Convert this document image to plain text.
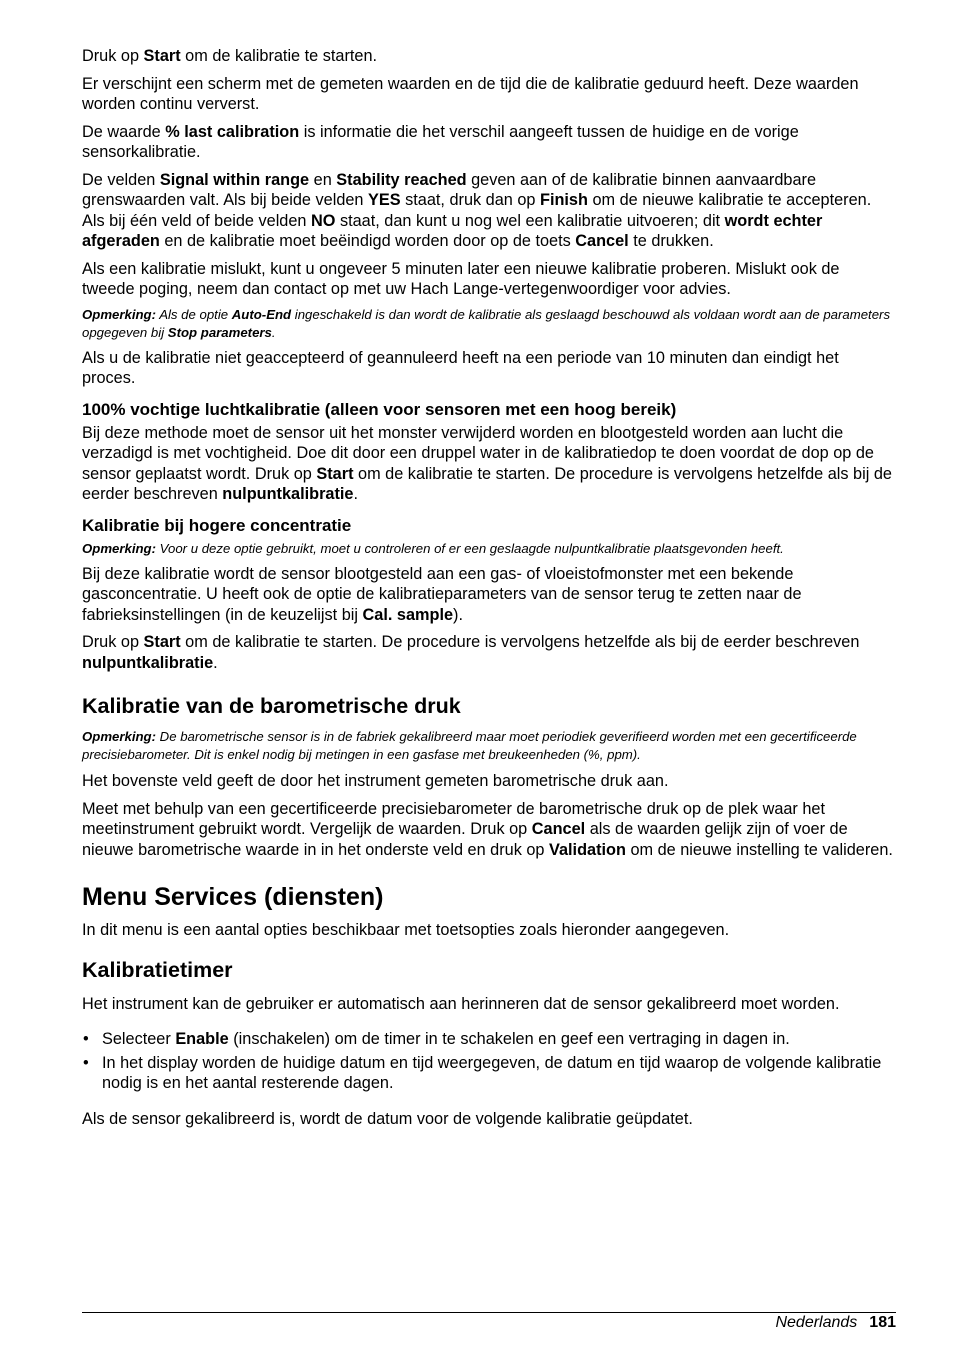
Druk op Start om de kalibratie te starten.

Er verschijnt een scherm met de gemeten waarden en de tijd die de kalibratie geduurd heeft. Deze waarden worden continu ververst.

De waarde % last calibration is informatie die het verschil aangeeft tussen de huidige en de vorige sensorkalibratie.

De velden Signal within range en Stability reached geven aan of de kalibratie binnen aanvaardbare grenswaarden valt. Als bij beide velden YES staat, druk dan op Finish om de nieuwe kalibratie te accepteren. Als bij één veld of beide velden NO staat, dan kunt u nog wel een kalibratie uitvoeren; dit wordt echter afgeraden en de kalibratie moet beëindigd worden door op de toets Cancel te drukken.

Als een kalibratie mislukt, kunt u ongeveer 5 minuten later een nieuwe kalibratie proberen. Mislukt ook de tweede poging, neem dan contact op met uw Hach Lange-vertegenwoordiger voor advies.

Opmerking: Als de optie Auto-End ingeschakeld is dan wordt de kalibratie als geslaagd beschouwd als voldaan wordt aan de parameters opgegeven bij Stop parameters.

Als u de kalibratie niet geaccepteerd of geannuleerd heeft na een periode van 10 minuten dan eindigt het proces.

100% vochtige luchtkalibratie (alleen voor sensoren met een hoog bereik)

Bij deze methode moet de sensor uit het monster verwijderd worden en blootgesteld worden aan lucht die verzadigd is met vochtigheid. Doe dit door een druppel water in de kalibratiedop te doen voordat de dop op de sensor geplaatst wordt. Druk op Start om de kalibratie te starten. De procedure is vervolgens hetzelfde als bij de eerder beschreven nulpuntkalibratie.

Kalibratie bij hogere concentratie

Opmerking: Voor u deze optie gebruikt, moet u controleren of er een geslaagde nulpuntkalibratie plaatsgevonden heeft.

Bij deze kalibratie wordt de sensor blootgesteld aan een gas- of vloeistofmonster met een bekende gasconcentratie. U heeft ook de optie de kalibratieparameters van de sensor terug te zetten naar de fabrieksinstellingen (in de keuzelijst bij Cal. sample).

Druk op Start om de kalibratie te starten. De procedure is vervolgens hetzelfde als bij de eerder beschreven nulpuntkalibratie.

Kalibratie van de barometrische druk

Opmerking: De barometrische sensor is in de fabriek gekalibreerd maar moet periodiek geverifieerd worden met een gecertificeerde precisiebarometer. Dit is enkel nodig bij metingen in een gasfase met breukeenheden (%, ppm).

Het bovenste veld geeft de door het instrument gemeten barometrische druk aan.

Meet met behulp van een gecertificeerde precisiebarometer de barometrische druk op de plek waar het meetinstrument gebruikt wordt. Vergelijk de waarden. Druk op Cancel als de waarden gelijk zijn of voer de nieuwe barometrische waarde in in het onderste veld en druk op Validation om de nieuwe instelling te valideren.

Menu Services (diensten)

In dit menu is een aantal opties beschikbaar met toetsopties zoals hieronder aangegeven.

Kalibratietimer

Het instrument kan de gebruiker er automatisch aan herinneren dat de sensor gekalibreerd moet worden.

• Selecteer Enable (inschakelen) om de timer in te schakelen en geef een vertraging in dagen in.
• In het display worden de huidige datum en tijd weergegeven, de datum en tijd waarop de volgende kalibratie nodig is en het aantal resterende dagen.

Als de sensor gekalibreerd is, wordt de datum voor de volgende kalibratie geüpdatet.

Nederlands 181
